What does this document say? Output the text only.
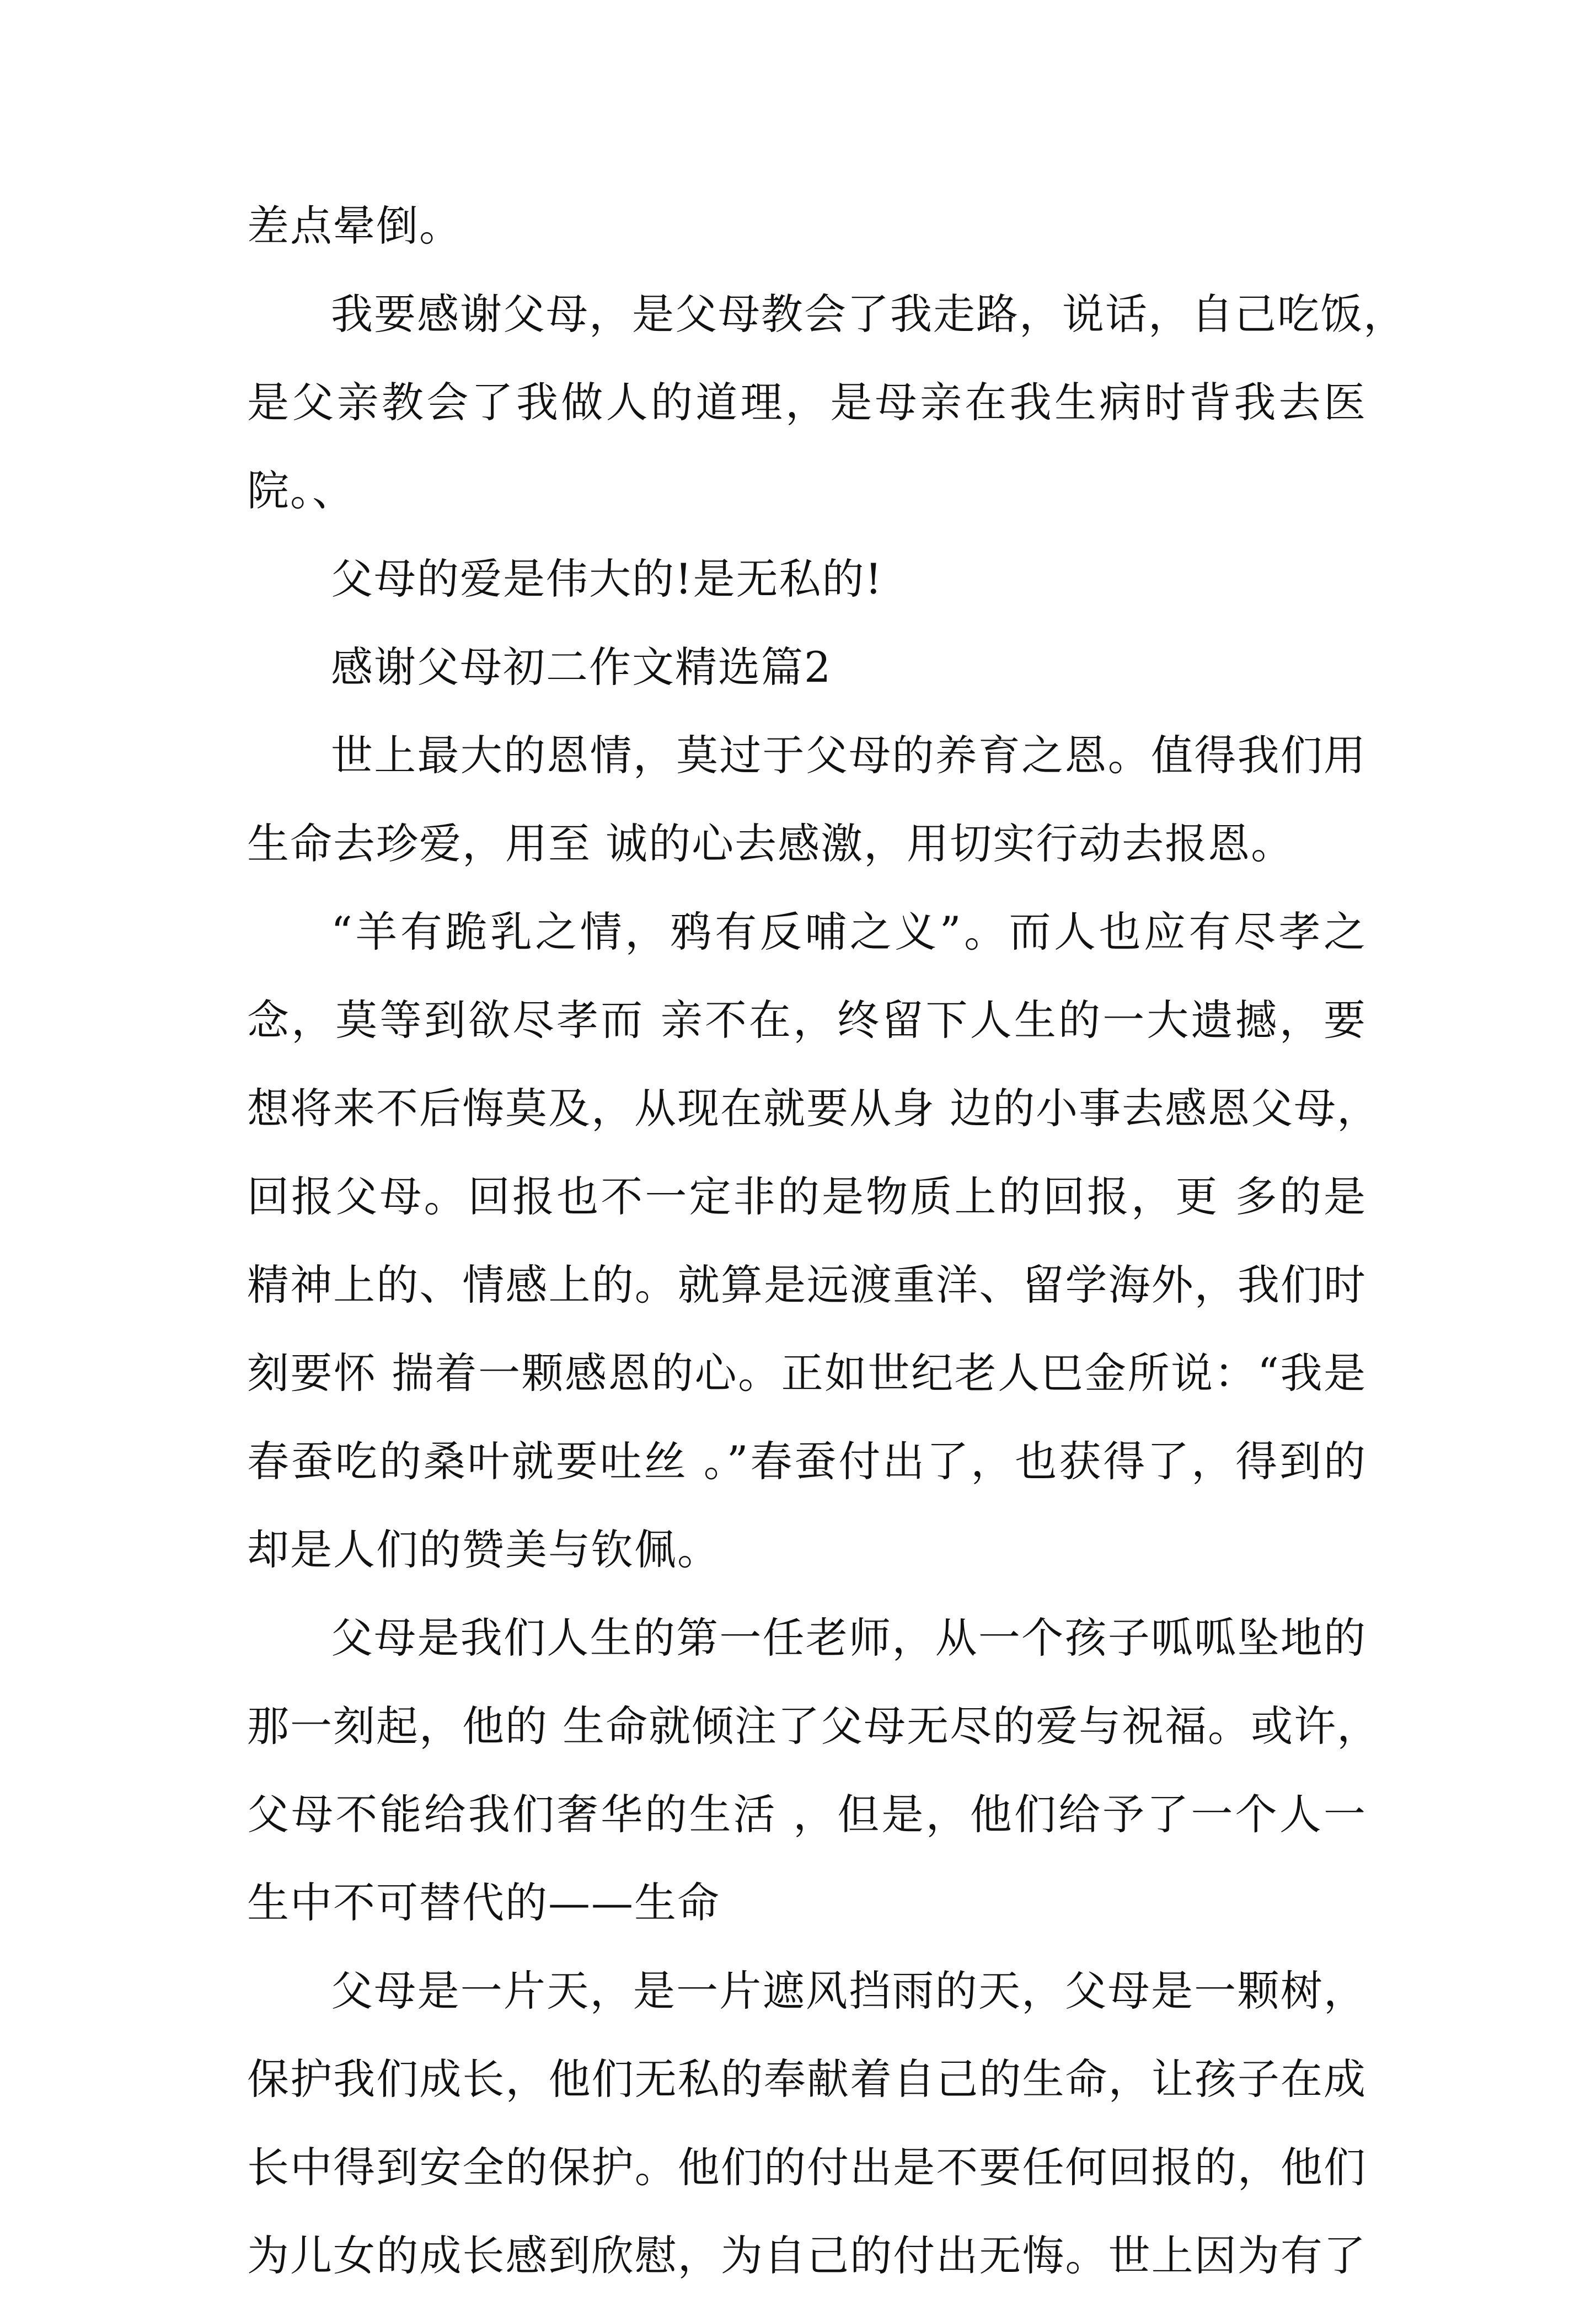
差点晕倒。
我要感谢父母，是父母教会了我走路，说话，自己吃饭，
是父亲教会了我做人的道理，是母亲在我生病时背我去医
院。、
父母的爱是伟大的!是无私的!
感谢父母初二作文精选篇2
世上最大的恩情，莫过于父母的养育之恩。值得我们用
生命去珍爱，用至 诚的心去感激，用切实行动去报恩。
“羊有跪乳之情，鸦有反哺之义”。而人也应有尽孝之
念，莫等到欲尽孝而 亲不在，终留下人生的一大遗撼，要
想将来不后悔莫及，从现在就要从身 边的小事去感恩父母，
回报父母。回报也不一定非的是物质上的回报，更 多的是
精神上的、情感上的。就算是远渡重洋、留学海外，我们时
刻要怀 揣着一颗感恩的心。正如世纪老人巴金所说：“我是
春蚕吃的桑叶就要吐丝 。”春蚕付出了，也获得了，得到的
却是人们的赞美与钦佩。
父母是我们人生的第一任老师，从一个孩子呱呱坠地的
那一刻起，他的 生命就倾注了父母无尽的爱与祝福。或许，
父母不能给我们奢华的生活 ，但是，他们给予了一个人一
生中不可替代的——生命
父母是一片天，是一片遮风挡雨的天，父母是一颗树，
保护我们成长，他们无私的奉献着自己的生命，让孩子在成
长中得到安全的保护。他们的付出是不要任何回报的，他们
为儿女的成长感到欣慰，为自己的付出无悔。世上因为有了
